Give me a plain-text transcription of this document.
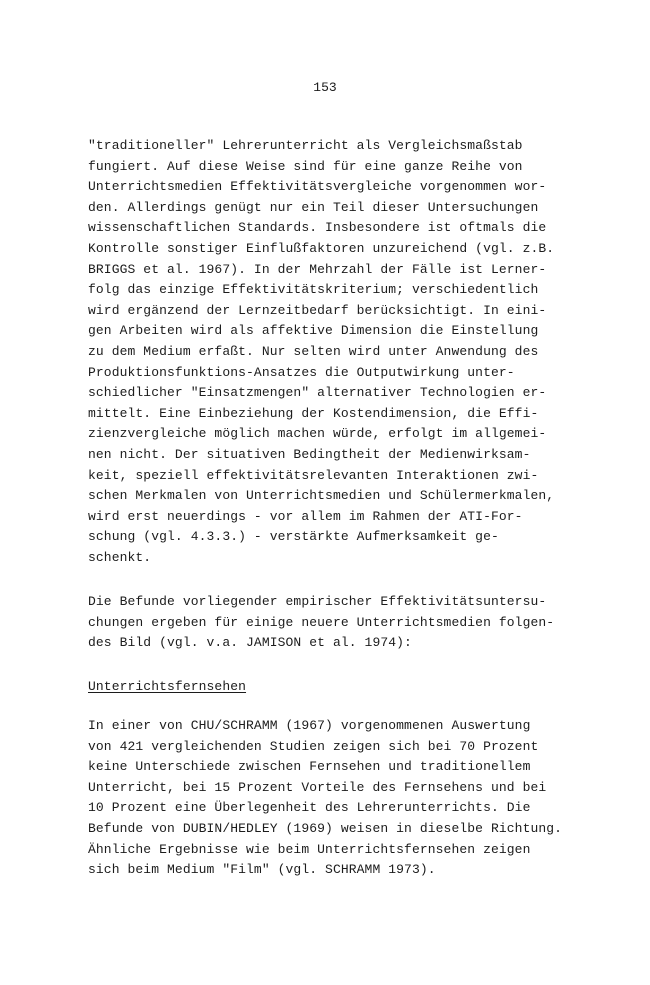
153
"traditioneller" Lehrerunterricht als Vergleichsmaßstab
fungiert. Auf diese Weise sind für eine ganze Reihe von
Unterrichtsmedien Effektivitätsvergleiche vorgenommen wor-
den. Allerdings genügt nur ein Teil dieser Untersuchungen
wissenschaftlichen Standards. Insbesondere ist oftmals die
Kontrolle sonstiger Einflußfaktoren unzureichend (vgl. z.B.
BRIGGS et al. 1967). In der Mehrzahl der Fälle ist Lerner-
folg das einzige Effektivitätskriterium; verschiedentlich
wird ergänzend der Lernzeitbedarf berücksichtigt. In eini-
gen Arbeiten wird als affektive Dimension die Einstellung
zu dem Medium erfaßt. Nur selten wird unter Anwendung des
Produktionsfunktions-Ansatzes die Outputwirkung unter-
schiedlicher "Einsatzmengen" alternativer Technologien er-
mittelt. Eine Einbeziehung der Kostendimension, die Effi-
zienzvergleiche möglich machen würde, erfolgt im allgemei-
nen nicht. Der situativen Bedingtheit der Medienwirksam-
keit, speziell effektivitätsrelevanten Interaktionen zwi-
schen Merkmalen von Unterrichtsmedien und Schülermerkmalen,
wird erst neuerdings - vor allem im Rahmen der ATI-For-
schung (vgl. 4.3.3.) - verstärkte Aufmerksamkeit ge-
schenkt.
Die Befunde vorliegender empirischer Effektivitätsuntersu-
chungen ergeben für einige neuere Unterrichtsmedien folgen-
des Bild (vgl. v.a. JAMISON et al. 1974):
Unterrichtsfernsehen
In einer von CHU/SCHRAMM (1967) vorgenommenen Auswertung
von 421 vergleichenden Studien zeigen sich bei 70 Prozent
keine Unterschiede zwischen Fernsehen und traditionellem
Unterricht, bei 15 Prozent Vorteile des Fernsehens und bei
10 Prozent eine Überlegenheit des Lehrerunterrichts. Die
Befunde von DUBIN/HEDLEY (1969) weisen in dieselbe Richtung.
Ähnliche Ergebnisse wie beim Unterrichtsfernsehen zeigen
sich beim Medium "Film" (vgl. SCHRAMM 1973).
